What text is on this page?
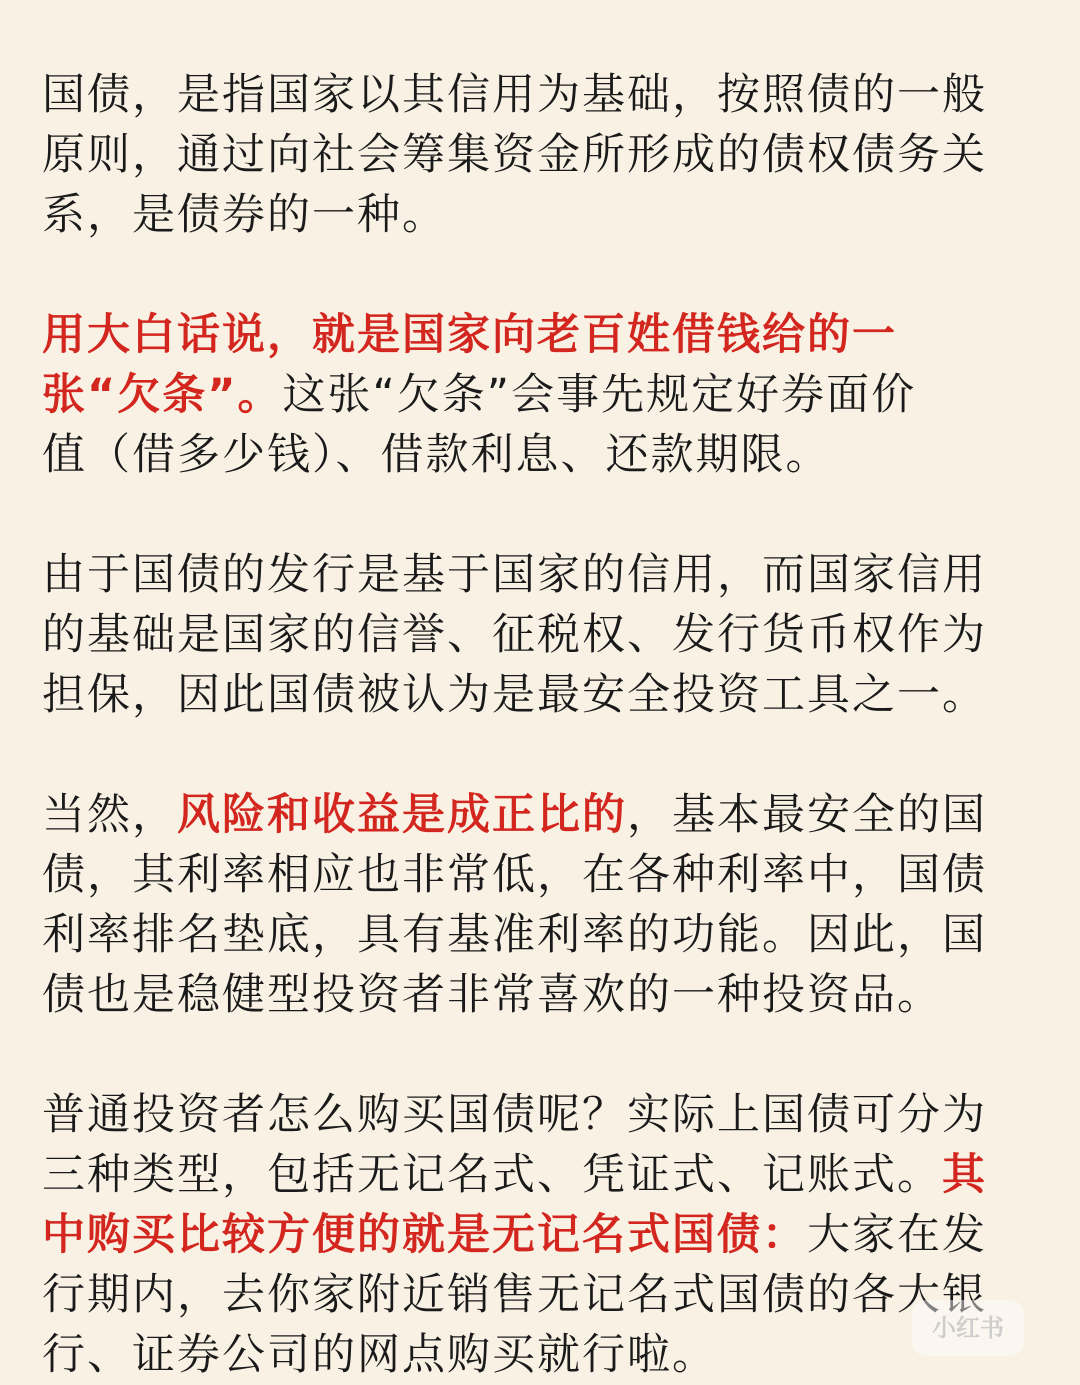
国债，是指国家以其信用为基础，按照债的一般
原则，通过向社会筹集资金所形成的债权债务关
系，是债券的一种。
用大白话说，就是国家向老百姓借钱给的一
张“欠条”。这张“欠条”会事先规定好券面价
值（借多少钱）、借款利息、还款期限。
由于国债的发行是基于国家的信用，而国家信用
的基础是国家的信誉、征税权、发行货币权作为
担保，因此国债被认为是最安全投资工具之一。
当然，风险和收益是成正比的，基本最安全的国
债，其利率相应也非常低，在各种利率中，国债
利率排名垫底，具有基准利率的功能。因此，国
债也是稳健型投资者非常喜欢的一种投资品。
普通投资者怎么购买国债呢？实际上国债可分为
三种类型，包括无记名式、凭证式、记账式。其
中购买比较方便的就是无记名式国债：大家在发
行期内，去你家附近销售无记名式国债的各大银
行、证券公司的网点购买就行啦。
小红书
